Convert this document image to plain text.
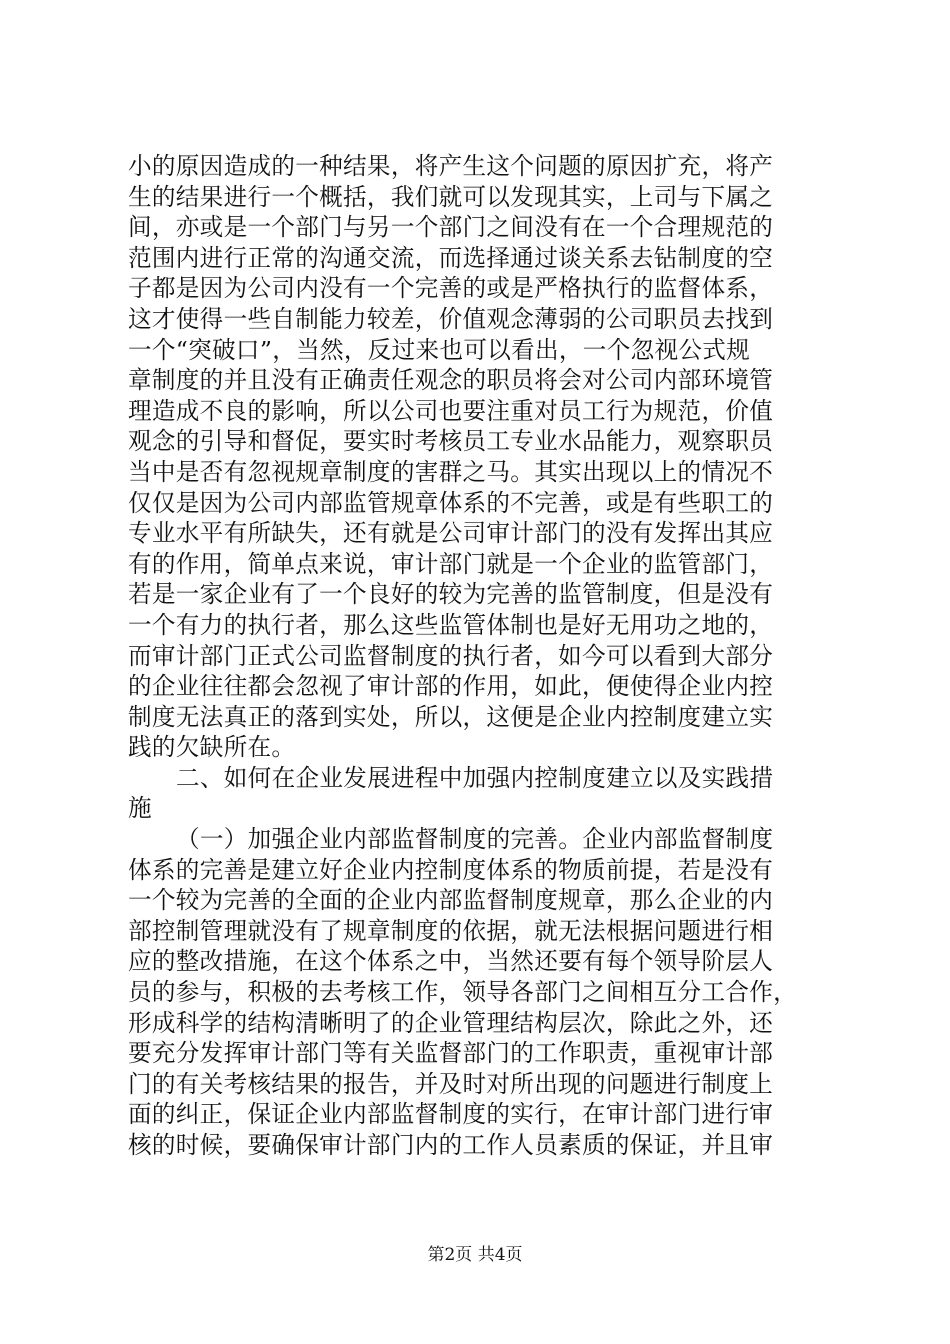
小的原因造成的一种结果，将产生这个问题的原因扩充，将产
生的结果进行一个概括，我们就可以发现其实，上司与下属之
间，亦或是一个部门与另一个部门之间没有在一个合理规范的
范围内进行正常的沟通交流，而选择通过谈关系去钻制度的空
子都是因为公司内没有一个完善的或是严格执行的监督体系，
这才使得一些自制能力较差，价值观念薄弱的公司职员去找到
一个“突破口”，当然，反过来也可以看出，一个忽视公式规
章制度的并且没有正确责任观念的职员将会对公司内部环境管
理造成不良的影响，所以公司也要注重对员工行为规范，价值
观念的引导和督促，要实时考核员工专业水品能力，观察职员
当中是否有忽视规章制度的害群之马。其实出现以上的情况不
仅仅是因为公司内部监管规章体系的不完善，或是有些职工的
专业水平有所缺失，还有就是公司审计部门的没有发挥出其应
有的作用，简单点来说，审计部门就是一个企业的监管部门，
若是一家企业有了一个良好的较为完善的监管制度，但是没有
一个有力的执行者，那么这些监管体制也是好无用功之地的，
而审计部门正式公司监督制度的执行者，如今可以看到大部分
的企业往往都会忽视了审计部的作用，如此，便使得企业内控
制度无法真正的落到实处，所以，这便是企业内控制度建立实
践的欠缺所在。
二、如何在企业发展进程中加强内控制度建立以及实践措
施
（一）加强企业内部监督制度的完善。企业内部监督制度
体系的完善是建立好企业内控制度体系的物质前提，若是没有
一个较为完善的全面的企业内部监督制度规章，那么企业的内
部控制管理就没有了规章制度的依据，就无法根据问题进行相
应的整改措施，在这个体系之中，当然还要有每个领导阶层人
员的参与，积极的去考核工作，领导各部门之间相互分工合作，
形成科学的结构清晰明了的企业管理结构层次，除此之外，还
要充分发挥审计部门等有关监督部门的工作职责，重视审计部
门的有关考核结果的报告，并及时对所出现的问题进行制度上
面的纠正，保证企业内部监督制度的实行，在审计部门进行审
核的时候，要确保审计部门内的工作人员素质的保证，并且审
第2页 共4页
